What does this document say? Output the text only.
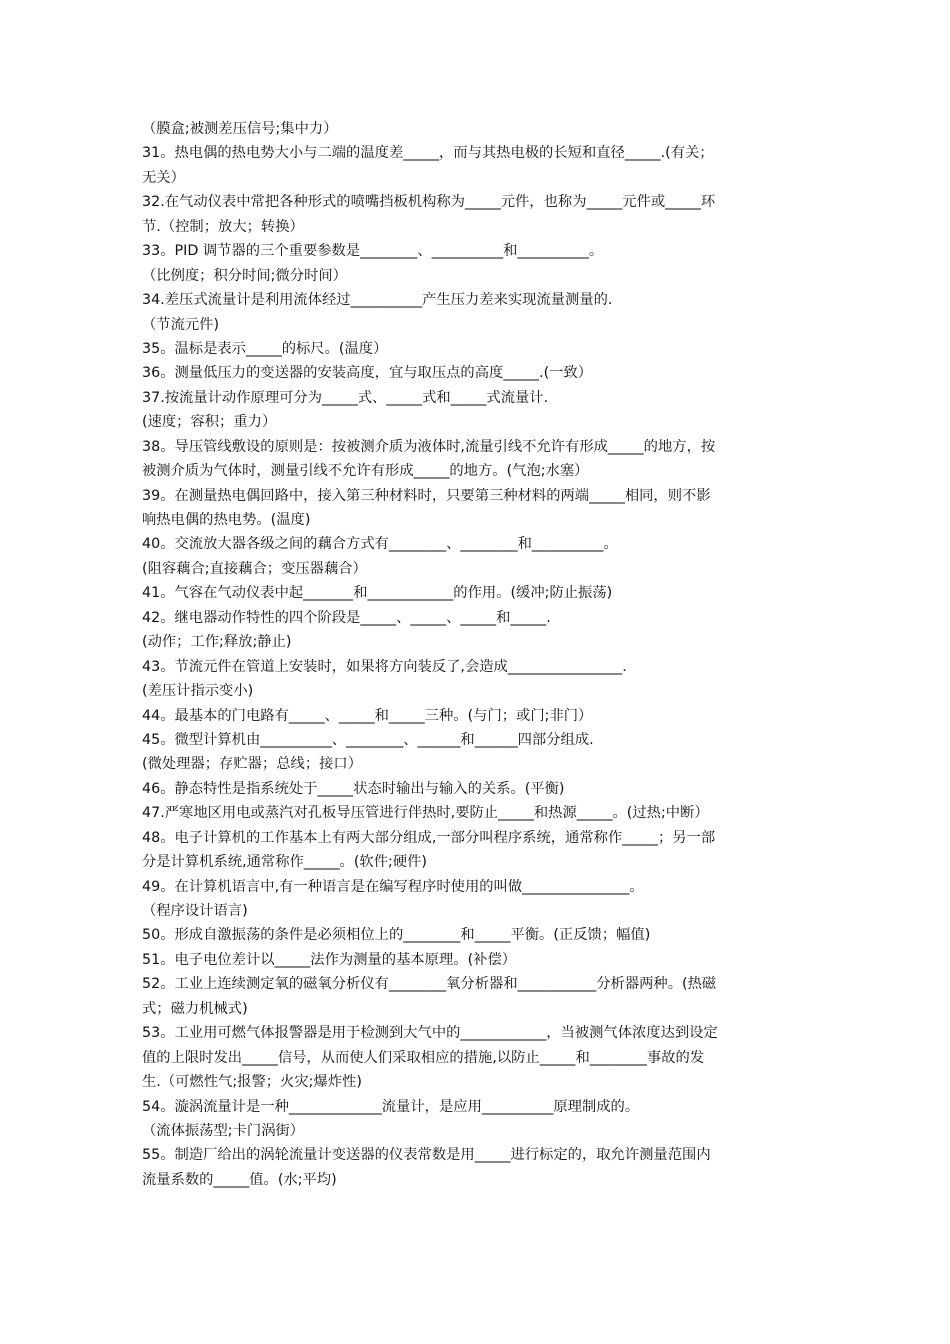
（膜盒;被测差压信号;集中力）
31。热电偶的热电势大小与二端的温度差_____，而与其热电极的长短和直径_____.(有关；
无关）
32.在气动仪表中常把各种形式的喷嘴挡板机构称为_____元件，也称为_____元件或_____环
节.（控制；放大；转换）
33。PID 调节器的三个重要参数是________、__________和__________。
（比例度；积分时间;微分时间）
34.差压式流量计是利用流体经过__________产生压力差来实现流量测量的.
（节流元件)
35。温标是表示_____的标尺。(温度）
36。测量低压力的变送器的安装高度，宜与取压点的高度_____.(一致）
37.按流量计动作原理可分为_____式、_____式和_____式流量计.
(速度；容积；重力）
38。导压管线敷设的原则是：按被测介质为液体时,流量引线不允许有形成_____的地方，按
被测介质为气体时，测量引线不允许有形成_____的地方。(气泡;水塞）
39。在测量热电偶回路中，接入第三种材料时，只要第三种材料的两端_____相同，则不影
响热电偶的热电势。(温度)
40。交流放大器各级之间的藕合方式有________、________和__________。
(阻容藕合;直接藕合；变压器藕合）
41。气容在气动仪表中起_______和____________的作用。(缓冲;防止振荡)
42。继电器动作特性的四个阶段是_____、_____、_____和_____.
(动作；工作;释放;静止)
43。节流元件在管道上安装时，如果将方向装反了,会造成________________.
(差压计指示变小)
44。最基本的门电路有_____、_____和_____三种。(与门；或门;非门）
45。微型计算机由__________、________、______和______四部分组成.
(微处理器；存贮器；总线；接口）
46。静态特性是指系统处于_____状态时输出与输入的关系。(平衡)
47.严寒地区用电或蒸汽对孔板导压管进行伴热时,要防止_____和热源_____。(过热;中断）
48。电子计算机的工作基本上有两大部分组成,一部分叫程序系统，通常称作_____；另一部
分是计算机系统,通常称作_____。(软件;硬件)
49。在计算机语言中,有一种语言是在编写程序时使用的叫做_______________。
（程序设计语言)
50。形成自激振荡的条件是必须相位上的________和_____平衡。(正反馈；幅值)
51。电子电位差计以_____法作为测量的基本原理。(补偿）
52。工业上连续测定氧的磁氧分析仪有________氧分析器和___________分析器两种。(热磁
式；磁力机械式)
53。工业用可燃气体报警器是用于检测到大气中的____________，当被测气体浓度达到设定
值的上限时发出_____信号，从而使人们采取相应的措施,以防止_____和________事故的发
生.（可燃性气;报警；火灾;爆炸性)
54。漩涡流量计是一种_____________流量计，是应用__________原理制成的。
（流体振荡型;卡门涡街）
55。制造厂给出的涡轮流量计变送器的仪表常数是用_____进行标定的，取允许测量范围内
流量系数的_____值。(水;平均)
